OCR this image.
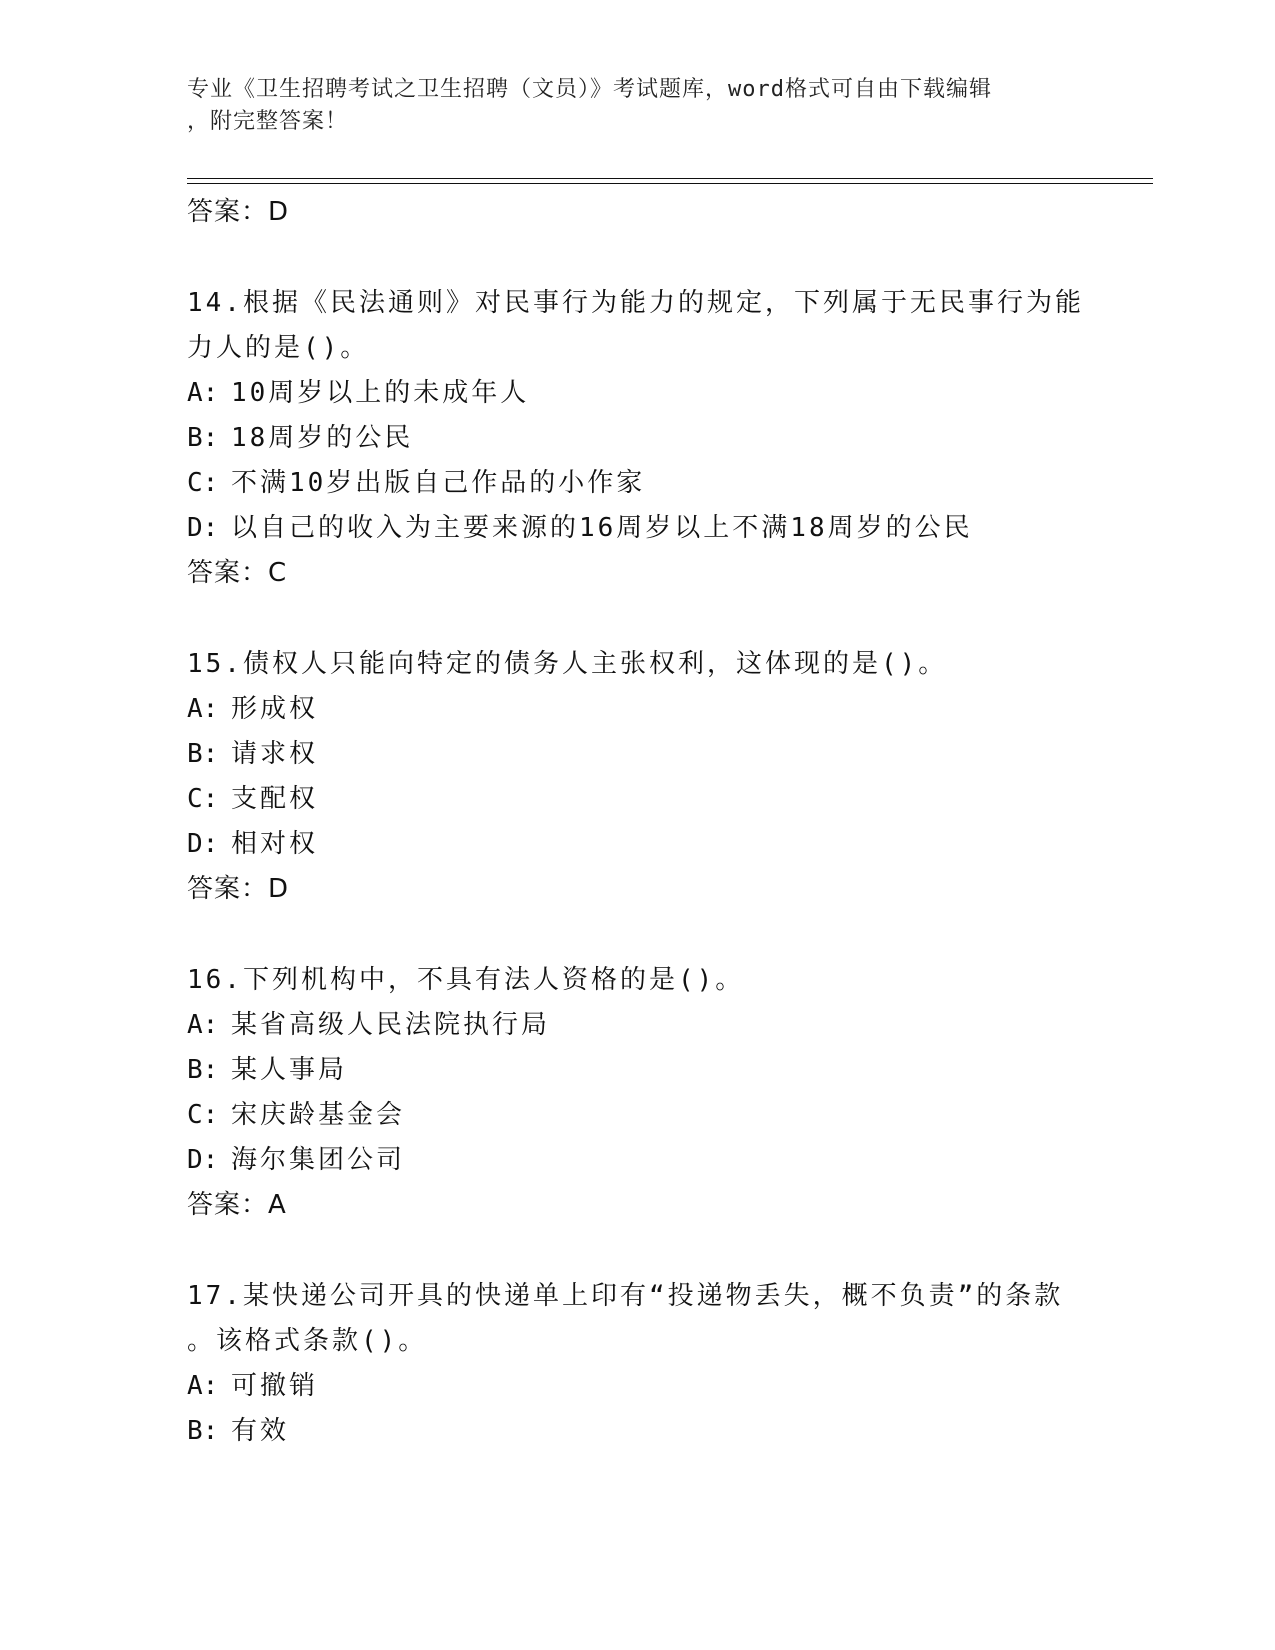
专业《卫生招聘考试之卫生招聘（文员）》考试题库，word格式可自由下载编辑
，附完整答案！
答案：D
14.根据《民法通则》对民事行为能力的规定，下列属于无民事行为能
力人的是()。
A: 10周岁以上的未成年人
B: 18周岁的公民
C: 不满10岁出版自己作品的小作家
D: 以自己的收入为主要来源的16周岁以上不满18周岁的公民
答案：C
15.债权人只能向特定的债务人主张权利，这体现的是()。
A: 形成权
B: 请求权
C: 支配权
D: 相对权
答案：D
16.下列机构中，不具有法人资格的是()。
A: 某省高级人民法院执行局
B: 某人事局
C: 宋庆龄基金会
D: 海尔集团公司
答案：A
17.某快递公司开具的快递单上印有“投递物丢失，概不负责”的条款
。该格式条款()。
A: 可撤销
B: 有效
